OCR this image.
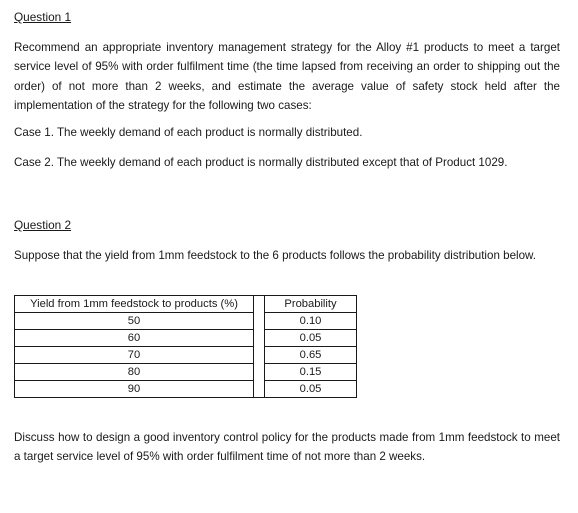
Question 1

Recommend an appropriate inventory management strategy for the Alloy #1 products to meet a target service level of 95% with order fulfilment time (the time lapsed from receiving an order to shipping out the order) of not more than 2 weeks, and estimate the average value of safety stock held after the implementation of the strategy for the following two cases:

Case 1. The weekly demand of each product is normally distributed.

Case 2. The weekly demand of each product is normally distributed except that of Product 1029.

Question 2

Suppose that the yield from 1mm feedstock to the 6 products follows the probability distribution below.

Yield from 1mm feedstock to products (%)		Probability
50		0.10
60		0.05
70		0.65
80		0.15
90		0.05

Discuss how to design a good inventory control policy for the products made from 1mm feedstock to meet a target service level of 95% with order fulfilment time of not more than 2 weeks.
